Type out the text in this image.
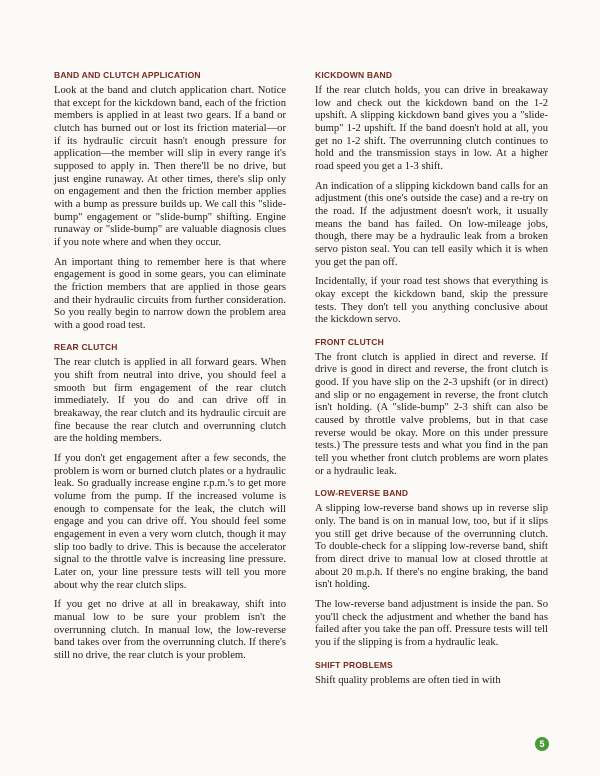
BAND AND CLUTCH APPLICATION

Look at the band and clutch application chart. Notice that except for the kickdown band, each of the friction members is applied in at least two gears. If a band or clutch has burned out or lost its friction material—or if its hydraulic circuit hasn't enough pressure for application—the member will slip in every range it's supposed to apply in. Then there'll be no drive, but just engine runaway. At other times, there's slip only on engagement and then the friction member applies with a bump as pressure builds up. We call this "slide-bump" engagement or "slide-bump" shifting. Engine runaway or "slide-bump" are valuable diagnosis clues if you note where and when they occur.

An important thing to remember here is that where engagement is good in some gears, you can eliminate the friction members that are applied in those gears and their hydraulic circuits from further consideration. So you really begin to narrow down the problem area with a good road test.

REAR CLUTCH

The rear clutch is applied in all forward gears. When you shift from neutral into drive, you should feel a smooth but firm engagement of the rear clutch immediately. If you do and can drive off in breakaway, the rear clutch and its hydraulic circuit are fine because the rear clutch and overrunning clutch are the holding members.

If you don't get engagement after a few seconds, the problem is worn or burned clutch plates or a hydraulic leak. So gradually increase engine r.p.m.'s to get more volume from the pump. If the increased volume is enough to compensate for the leak, the clutch will engage and you can drive off. You should feel some engagement in even a very worn clutch, though it may slip too badly to drive. This is because the accelerator signal to the throttle valve is increasing line pressure. Later on, your line pressure tests will tell you more about why the rear clutch slips.

If you get no drive at all in breakaway, shift into manual low to be sure your problem isn't the overrunning clutch. In manual low, the low-reverse band takes over from the overrunning clutch. If there's still no drive, the rear clutch is your problem.

KICKDOWN BAND

If the rear clutch holds, you can drive in breakaway low and check out the kickdown band on the 1-2 upshift. A slipping kickdown band gives you a "slide-bump" 1-2 upshift. If the band doesn't hold at all, you get no 1-2 shift. The overrunning clutch continues to hold and the transmission stays in low. At a higher road speed you get a 1-3 shift.

An indication of a slipping kickdown band calls for an adjustment (this one's outside the case) and a re-try on the road. If the adjustment doesn't work, it usually means the band has failed. On low-mileage jobs, though, there may be a hydraulic leak from a broken servo piston seal. You can tell easily which it is when you get the pan off.

Incidentally, if your road test shows that everything is okay except the kickdown band, skip the pressure tests. They don't tell you anything conclusive about the kickdown servo.

FRONT CLUTCH

The front clutch is applied in direct and reverse. If drive is good in direct and reverse, the front clutch is good. If you have slip on the 2-3 upshift (or in direct) and slip or no engagement in reverse, the front clutch isn't holding. (A "slide-bump" 2-3 shift can also be caused by throttle valve problems, but in that case reverse would be okay. More on this under pressure tests.) The pressure tests and what you find in the pan tell you whether front clutch problems are worn plates or a hydraulic leak.

LOW-REVERSE BAND

A slipping low-reverse band shows up in reverse slip only. The band is on in manual low, too, but if it slips you still get drive because of the overrunning clutch. To double-check for a slipping low-reverse band, shift from direct drive to manual low at closed throttle at about 20 m.p.h. If there's no engine braking, the band isn't holding.

The low-reverse band adjustment is inside the pan. So you'll check the adjustment and whether the band has failed after you take the pan off. Pressure tests will tell you if the slipping is from a hydraulic leak.

SHIFT PROBLEMS

Shift quality problems are often tied in with

5
